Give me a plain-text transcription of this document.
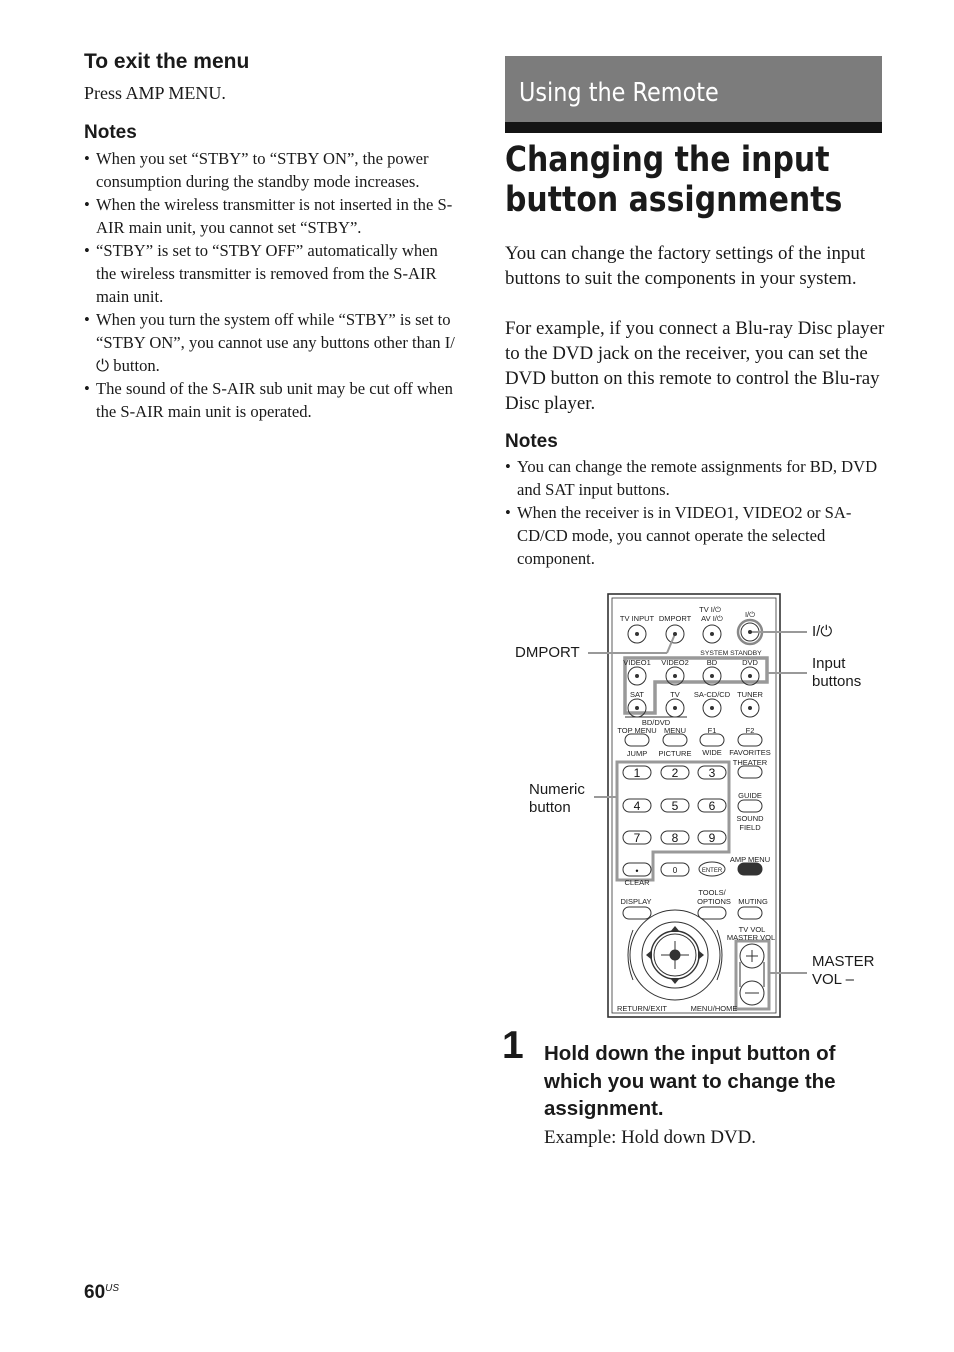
To exit the menu
Press AMP MENU.
Notes
• When you set “STBY” to “STBY ON”, the power consumption during the standby mode increases.
• When the wireless transmitter is not inserted in the S-AIR main unit, you cannot set “STBY”.
• “STBY” is set to “STBY OFF” automatically when the wireless transmitter is removed from the S-AIR main unit.
• When you turn the system off while “STBY” is set to “STBY ON”, you cannot use any buttons other than I/⏻ button.
• The sound of the S-AIR sub unit may be cut off when the S-AIR main unit is operated.
Using the Remote
Changing the input button assignments

You can change the factory settings of the input buttons to suit the components in your system.

For example, if you connect a Blu-ray Disc player to the DVD jack on the receiver, you can set the DVD button on this remote to control the Blu-ray Disc player.

Notes
• You can change the remote assignments for BD, DVD and SAT input buttons.
• When the receiver is in VIDEO1, VIDEO2 or SA-CD/CD mode, you cannot operate the selected component.
TV INPUT DMPORT
TV I/⏻
AV I/⏻	I/⏻
SYSTEM STANDBY
VIDEO1 VIDEO2 BD	DVD
SAT	TV SA-CD/CD TUNER
BD/DVD
TOP MENU MENU	F1	F2
JUMP PICTURE WIDE FAVORITES
THEATER
GUIDE
SOUND
FIELD
AMP MENU
ENTER
CLEAR
TOOLS/
OPTIONS
DISPLAY	MUTING
TV VOL
MASTER VOL
RETURN/EXIT	MENU/HOME
1	2	3
4	5	6
7	8	9
•	0
DMPORT
I/⏻
Input
buttons
Numeric
button
MASTER
VOL –
1 Hold down the input button of which you want to change the assignment.
Example: Hold down DVD.
$60^{US}$
